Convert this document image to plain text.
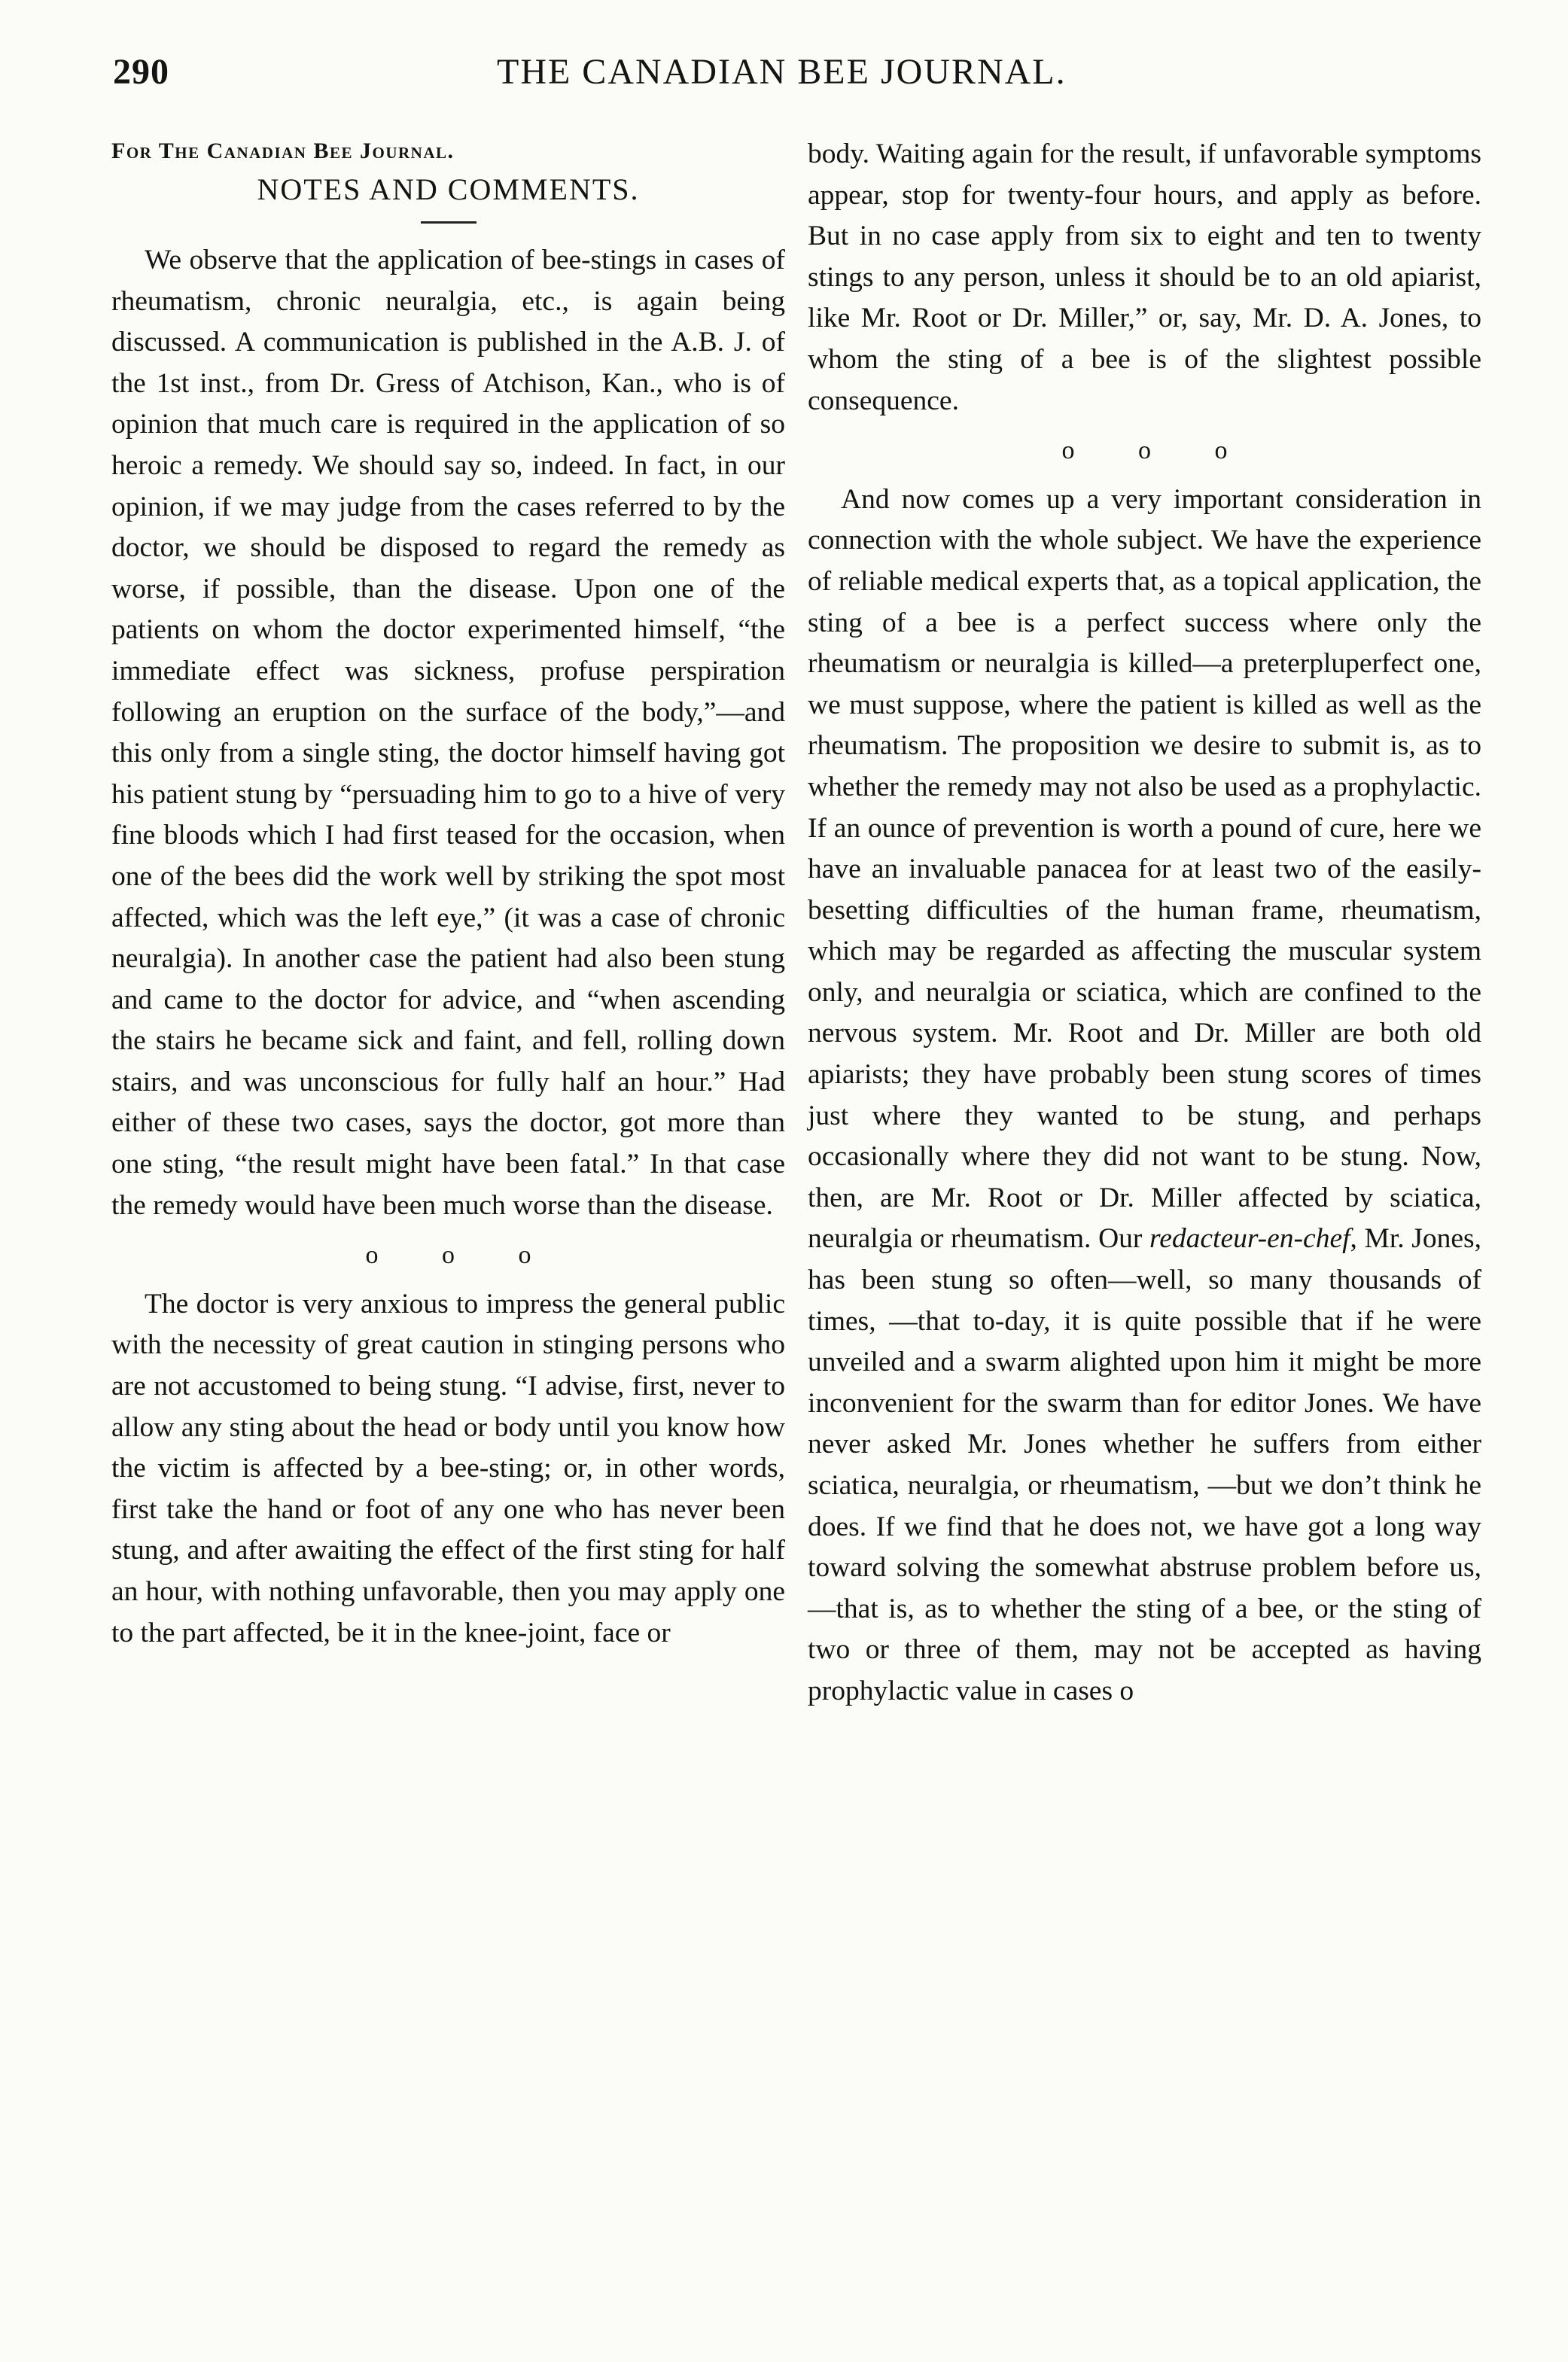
290	THE CANADIAN BEE JOURNAL.

For The Canadian Bee Journal.

NOTES AND COMMENTS.

We observe that the application of bee-stings in cases of rheumatism, chronic neuralgia, etc., is again being discussed. A communication is published in the A.B. J. of the 1st inst., from Dr. Gress of Atchison, Kan., who is of opinion that much care is required in the application of so heroic a remedy. We should say so, indeed. In fact, in our opinion, if we may judge from the cases referred to by the doctor, we should be disposed to regard the remedy as worse, if possible, than the disease. Upon one of the patients on whom the doctor experimented himself, “the immediate effect was sickness, profuse perspiration following an eruption on the surface of the body,”—and this only from a single sting, the doctor himself having got his patient stung by “persuading him to go to a hive of very fine bloods which I had first teased for the occasion, when one of the bees did the work well by striking the spot most affected, which was the left eye,” (it was a case of chronic neuralgia). In another case the patient had also been stung and came to the doctor for advice, and “when ascending the stairs he became sick and faint, and fell, rolling down stairs, and was unconscious for fully half an hour.” Had either of these two cases, says the doctor, got more than one sting, “the result might have been fatal.” In that case the remedy would have been much worse than the disease.

o o o

The doctor is very anxious to impress the general public with the necessity of great caution in stinging persons who are not accustomed to being stung. “I advise, first, never to allow any sting about the head or body until you know how the victim is affected by a bee-sting; or, in other words, first take the hand or foot of any one who has never been stung, and after awaiting the effect of the first sting for half an hour, with nothing unfavorable, then you may apply one to the part affected, be it in the knee-joint, face or

body. Waiting again for the result, if unfavorable symptoms appear, stop for twenty-four hours, and apply as before. But in no case apply from six to eight and ten to twenty stings to any person, unless it should be to an old apiarist, like Mr. Root or Dr. Miller,” or, say, Mr. D. A. Jones, to whom the sting of a bee is of the slightest possible consequence.

o o o

And now comes up a very important consideration in connection with the whole subject. We have the experience of reliable medical experts that, as a topical application, the sting of a bee is a perfect success where only the rheumatism or neuralgia is killed—a preterpluperfect one, we must suppose, where the patient is killed as well as the rheumatism. The proposition we desire to submit is, as to whether the remedy may not also be used as a prophylactic. If an ounce of prevention is worth a pound of cure, here we have an invaluable panacea for at least two of the easily-besetting difficulties of the human frame, rheumatism, which may be regarded as affecting the muscular system only, and neuralgia or sciatica, which are confined to the nervous system. Mr. Root and Dr. Miller are both old apiarists; they have probably been stung scores of times just where they wanted to be stung, and perhaps occasionally where they did not want to be stung. Now, then, are Mr. Root or Dr. Miller affected by sciatica, neuralgia or rheumatism. Our redacteur-en-chef, Mr. Jones, has been stung so often—well, so many thousands of times, —that to-day, it is quite possible that if he were unveiled and a swarm alighted upon him it might be more inconvenient for the swarm than for editor Jones. We have never asked Mr. Jones whether he suffers from either sciatica, neuralgia, or rheumatism, —but we don’t think he does. If we find that he does not, we have got a long way toward solving the somewhat abstruse problem before us,—that is, as to whether the sting of a bee, or the sting of two or three of them, may not be accepted as having prophylactic value in cases o
